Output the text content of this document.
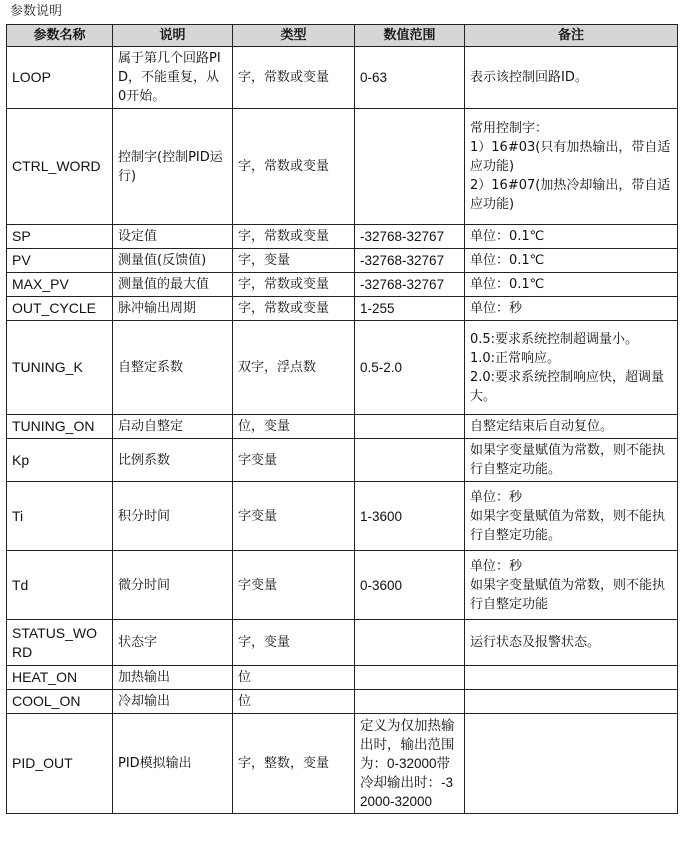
参数说明
参数名称	说明	类型	数值范围	备注
LOOP	属于第几个回路PID，不能重复，从0开始。	字，常数或变量	0-63	表示该控制回路ID。

CTRL_WORD	控制字(控制PID运行)	字，常数或变量		常用控制字：
1）16#03(只有加热输出，带自适应功能)
2）16#07(加热冷却输出，带自适应功能)

SP	设定值	字，常数或变量	-32768-32767	单位：0.1℃

PV	测量值(反馈值)	字，变量	-32768-32767	单位：0.1℃

MAX_PV	测量值的最大值	字，常数或变量	-32768-32767	单位：0.1℃

OUT_CYCLE	脉冲输出周期	字，常数或变量	1-255	单位：秒

TUNING_K	自整定系数	双字，浮点数	0.5-2.0	0.5:要求系统控制超调量小。
1.0:正常响应。
2.0:要求系统控制响应快，超调量大。

TUNING_ON	启动自整定	位，变量		自整定结束后自动复位。

Kp	比例系数	字变量		如果字变量赋值为常数，则不能执行自整定功能。

Ti	积分时间	字变量	1-3600	单位：秒
如果字变量赋值为常数，则不能执行自整定功能。

Td	微分时间	字变量	0-3600	单位：秒
如果字变量赋值为常数，则不能执行自整定功能

STATUS_WORD	状态字	字，变量		运行状态及报警状态。

HEAT_ON	加热输出	位		

COOL_ON	冷却输出	位		

PID_OUT	PID模拟输出	字，整数，变量	定义为仅加热输出时，输出范围为：0-32000带冷却输出时：-32000-32000	
